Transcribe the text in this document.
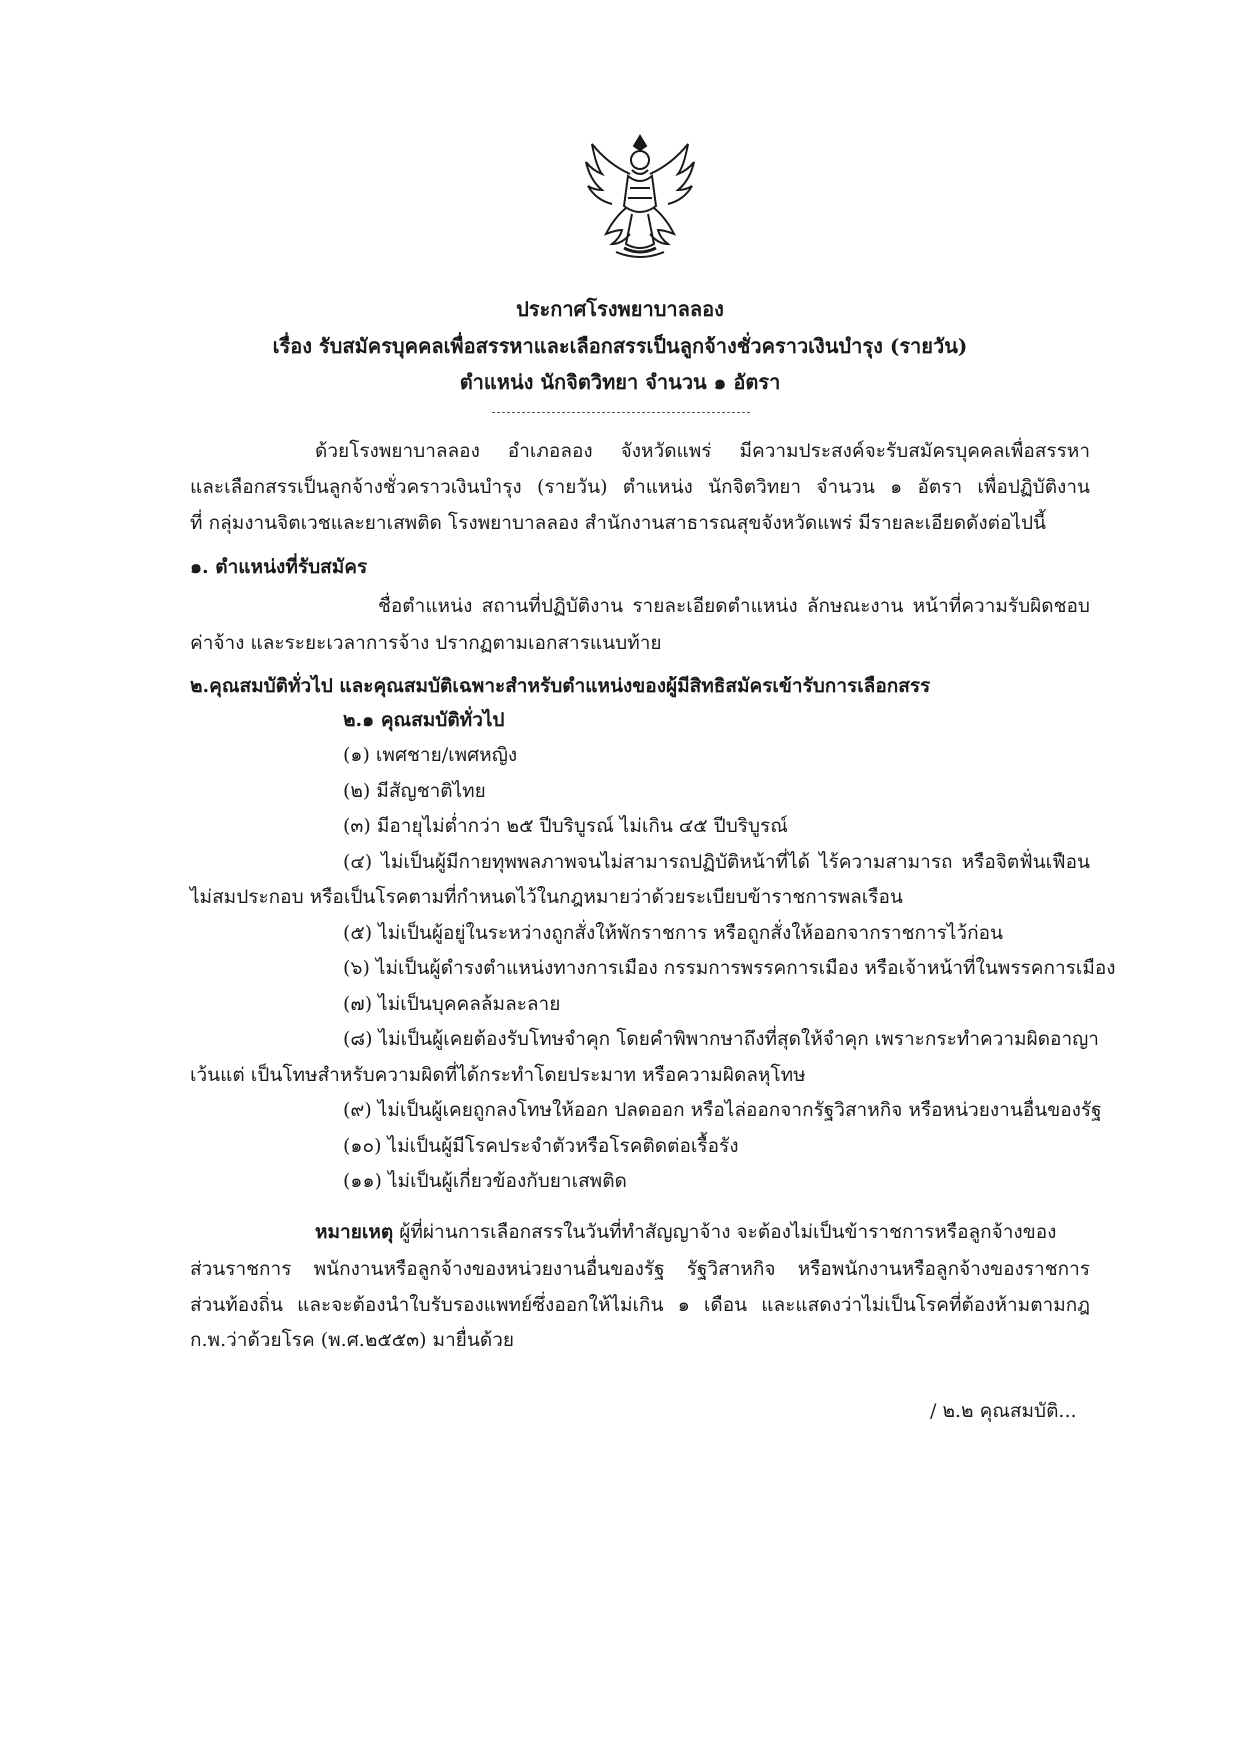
ประกาศโรงพยาบาลลอง
เรื่อง รับสมัครบุคคลเพื่อสรรหาและเลือกสรรเป็นลูกจ้างชั่วคราวเงินบำรุง (รายวัน)
ตำแหน่ง นักจิตวิทยา จำนวน ๑ อัตรา
ด้วยโรงพยาบาลลอง อำเภอลอง จังหวัดแพร่ มีความประสงค์จะรับสมัครบุคคลเพื่อสรรหา
และเลือกสรรเป็นลูกจ้างชั่วคราวเงินบำรุง (รายวัน) ตำแหน่ง นักจิตวิทยา จำนวน ๑ อัตรา เพื่อปฏิบัติงาน
ที่ กลุ่มงานจิตเวชและยาเสพติด โรงพยาบาลลอง สำนักงานสาธารณสุขจังหวัดแพร่ มีรายละเอียดดังต่อไปนี้
๑. ตำแหน่งที่รับสมัคร
ชื่อตำแหน่ง สถานที่ปฏิบัติงาน รายละเอียดตำแหน่ง ลักษณะงาน หน้าที่ความรับผิดชอบ
ค่าจ้าง และระยะเวลาการจ้าง ปรากฏตามเอกสารแนบท้าย
๒.คุณสมบัติทั่วไป และคุณสมบัติเฉพาะสำหรับตำแหน่งของผู้มีสิทธิสมัครเข้ารับการเลือกสรร
๒.๑ คุณสมบัติทั่วไป
(๑) เพศชาย/เพศหญิง
(๒) มีสัญชาติไทย
(๓) มีอายุไม่ต่ำกว่า ๒๕ ปีบริบูรณ์ ไม่เกิน ๔๕ ปีบริบูรณ์
(๔) ไม่เป็นผู้มีกายทุพพลภาพจนไม่สามารถปฏิบัติหน้าที่ได้ ไร้ความสามารถ หรือจิตฟั่นเฟือน
ไม่สมประกอบ หรือเป็นโรคตามที่กำหนดไว้ในกฎหมายว่าด้วยระเบียบข้าราชการพลเรือน
(๕) ไม่เป็นผู้อยู่ในระหว่างถูกสั่งให้พักราชการ หรือถูกสั่งให้ออกจากราชการไว้ก่อน
(๖) ไม่เป็นผู้ดำรงตำแหน่งทางการเมือง กรรมการพรรคการเมือง หรือเจ้าหน้าที่ในพรรคการเมือง
(๗) ไม่เป็นบุคคลล้มละลาย
(๘) ไม่เป็นผู้เคยต้องรับโทษจำคุก โดยคำพิพากษาถึงที่สุดให้จำคุก เพราะกระทำความผิดอาญา
เว้นแต่ เป็นโทษสำหรับความผิดที่ได้กระทำโดยประมาท หรือความผิดลหุโทษ
(๙) ไม่เป็นผู้เคยถูกลงโทษให้ออก ปลดออก หรือไล่ออกจากรัฐวิสาหกิจ หรือหน่วยงานอื่นของรัฐ
(๑๐) ไม่เป็นผู้มีโรคประจำตัวหรือโรคติดต่อเรื้อรัง
(๑๑) ไม่เป็นผู้เกี่ยวข้องกับยาเสพติด
หมายเหตุ ผู้ที่ผ่านการเลือกสรรในวันที่ทำสัญญาจ้าง จะต้องไม่เป็นข้าราชการหรือลูกจ้างของ
ส่วนราชการ พนักงานหรือลูกจ้างของหน่วยงานอื่นของรัฐ รัฐวิสาหกิจ หรือพนักงานหรือลูกจ้างของราชการ
ส่วนท้องถิ่น และจะต้องนำใบรับรองแพทย์ซึ่งออกให้ไม่เกิน ๑ เดือน และแสดงว่าไม่เป็นโรคที่ต้องห้ามตามกฎ
ก.พ.ว่าด้วยโรค (พ.ศ.๒๕๕๓) มายื่นด้วย
/ ๒.๒ คุณสมบัติ...
